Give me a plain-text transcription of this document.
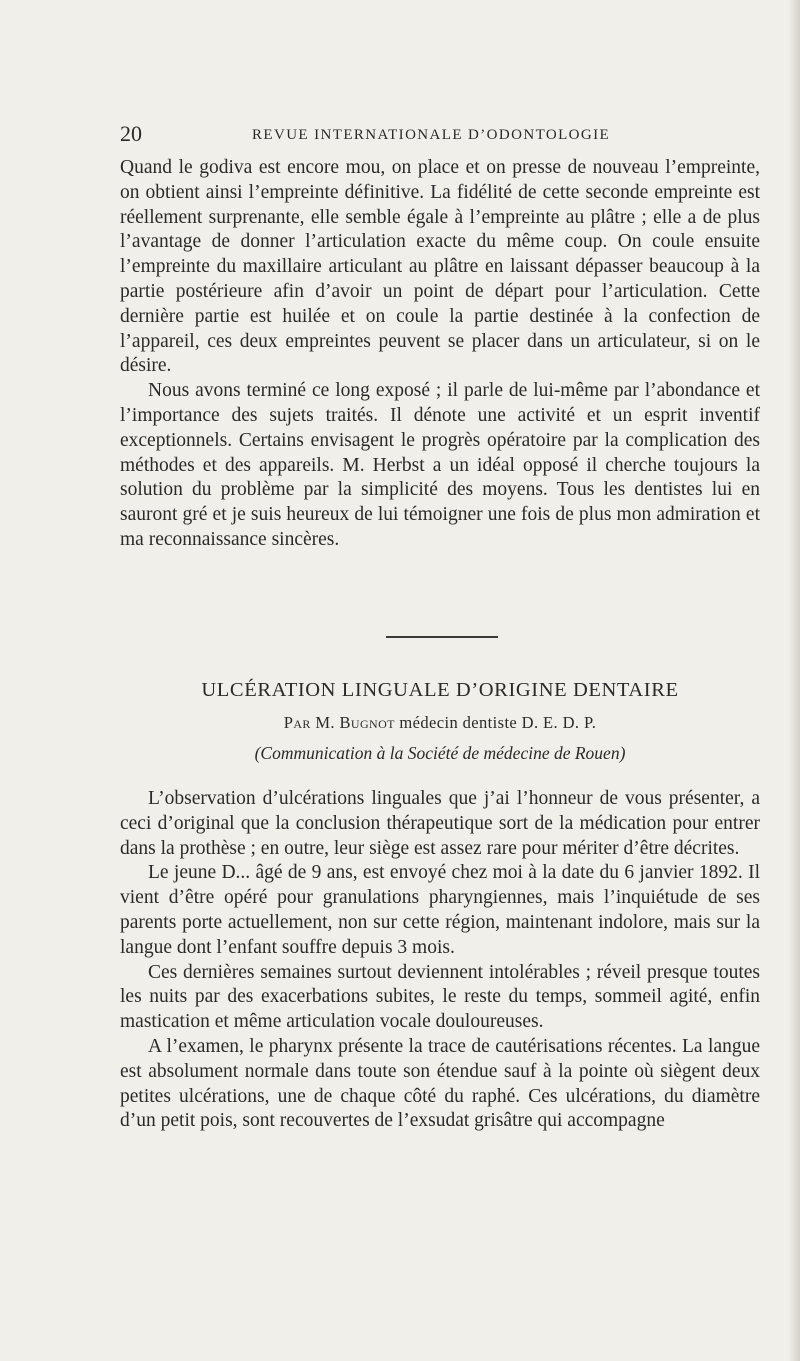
20	REVUE INTERNATIONALE D’ODONTOLOGIE

Quand le godiva est encore mou, on place et on presse de nouveau l’empreinte, on obtient ainsi l’empreinte définitive. La fidélité de cette seconde empreinte est réellement surprenante, elle semble égale à l’empreinte au plâtre ; elle a de plus l’avantage de donner l’articulation exacte du même coup. On coule ensuite l’empreinte du maxillaire articulant au plâtre en laissant dépasser beaucoup à la partie postérieure afin d’avoir un point de départ pour l’articulation. Cette dernière partie est huilée et on coule la partie destinée à la confection de l’appareil, ces deux empreintes peuvent se placer dans un articulateur, si on le désire.

Nous avons terminé ce long exposé ; il parle de lui-même par l’abondance et l’importance des sujets traités. Il dénote une activité et un esprit inventif exceptionnels. Certains envisagent le progrès opératoire par la complication des méthodes et des appareils. M. Herbst a un idéal opposé il cherche toujours la solution du problème par la simplicité des moyens. Tous les dentistes lui en sauront gré et je suis heureux de lui témoigner une fois de plus mon admiration et ma reconnaissance sincères.

ULCÉRATION LINGUALE D’ORIGINE DENTAIRE
Par M. Bugnot médecin dentiste D. E. D. P.
(Communication à la Société de médecine de Rouen)

L’observation d’ulcérations linguales que j’ai l’honneur de vous présenter, a ceci d’original que la conclusion thérapeutique sort de la médication pour entrer dans la prothèse ; en outre, leur siège est assez rare pour mériter d’être décrites.

Le jeune D... âgé de 9 ans, est envoyé chez moi à la date du 6 janvier 1892. Il vient d’être opéré pour granulations pharyngiennes, mais l’inquiétude de ses parents porte actuellement, non sur cette région, maintenant indolore, mais sur la langue dont l’enfant souffre depuis 3 mois.

Ces dernières semaines surtout deviennent intolérables ; réveil presque toutes les nuits par des exacerbations subites, le reste du temps, sommeil agité, enfin mastication et même articulation vocale douloureuses.

A l’examen, le pharynx présente la trace de cautérisations récentes. La langue est absolument normale dans toute son étendue sauf à la pointe où siègent deux petites ulcérations, une de chaque côté du raphé. Ces ulcérations, du diamètre d’un petit pois, sont recouvertes de l’exsudat grisâtre qui accompagne
